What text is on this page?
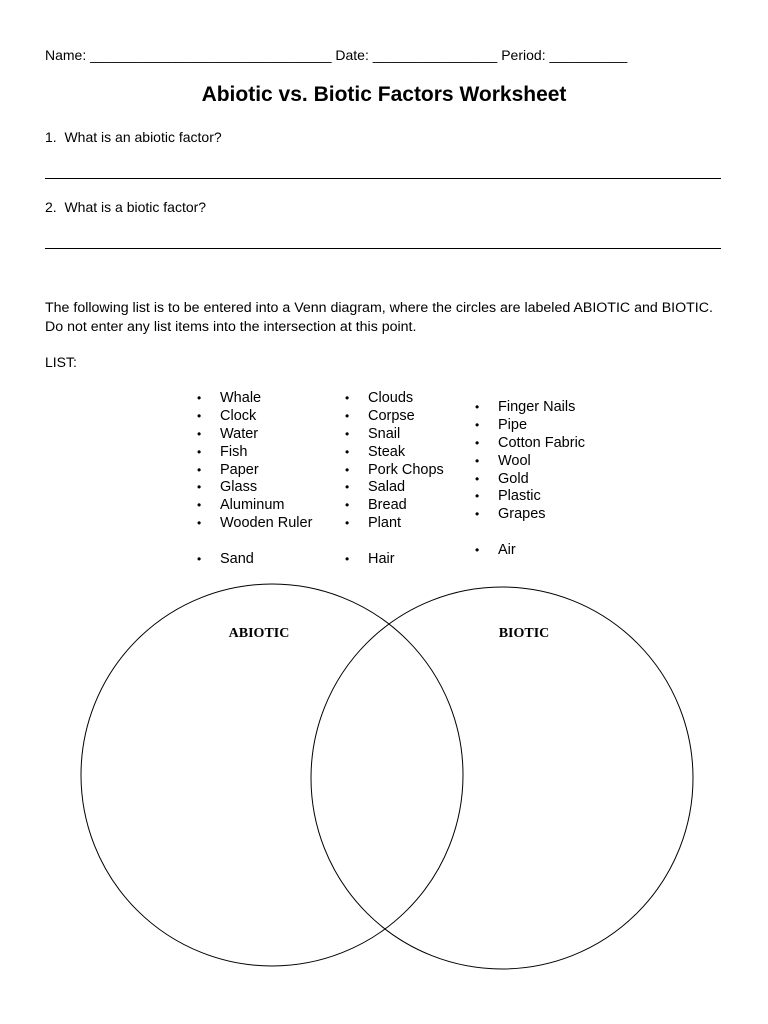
Name: _______________________________ Date: ________________ Period: __________
Abiotic vs. Biotic Factors Worksheet
1. What is an abiotic factor?
2. What is a biotic factor?
The following list is to be entered into a Venn diagram, where the circles are labeled ABIOTIC and BIOTIC. Do not enter any list items into the intersection at this point.
LIST:
• Whale
• Clock
• Water
• Fish
• Paper
• Glass
• Aluminum
• Wooden Ruler
• Sand
• Clouds
• Corpse
• Snail
• Steak
• Pork Chops
• Salad
• Bread
• Plant
• Hair
• Finger Nails
• Pipe
• Cotton Fabric
• Wool
• Gold
• Plastic
• Grapes
• Air
ABIOTIC	BIOTIC
